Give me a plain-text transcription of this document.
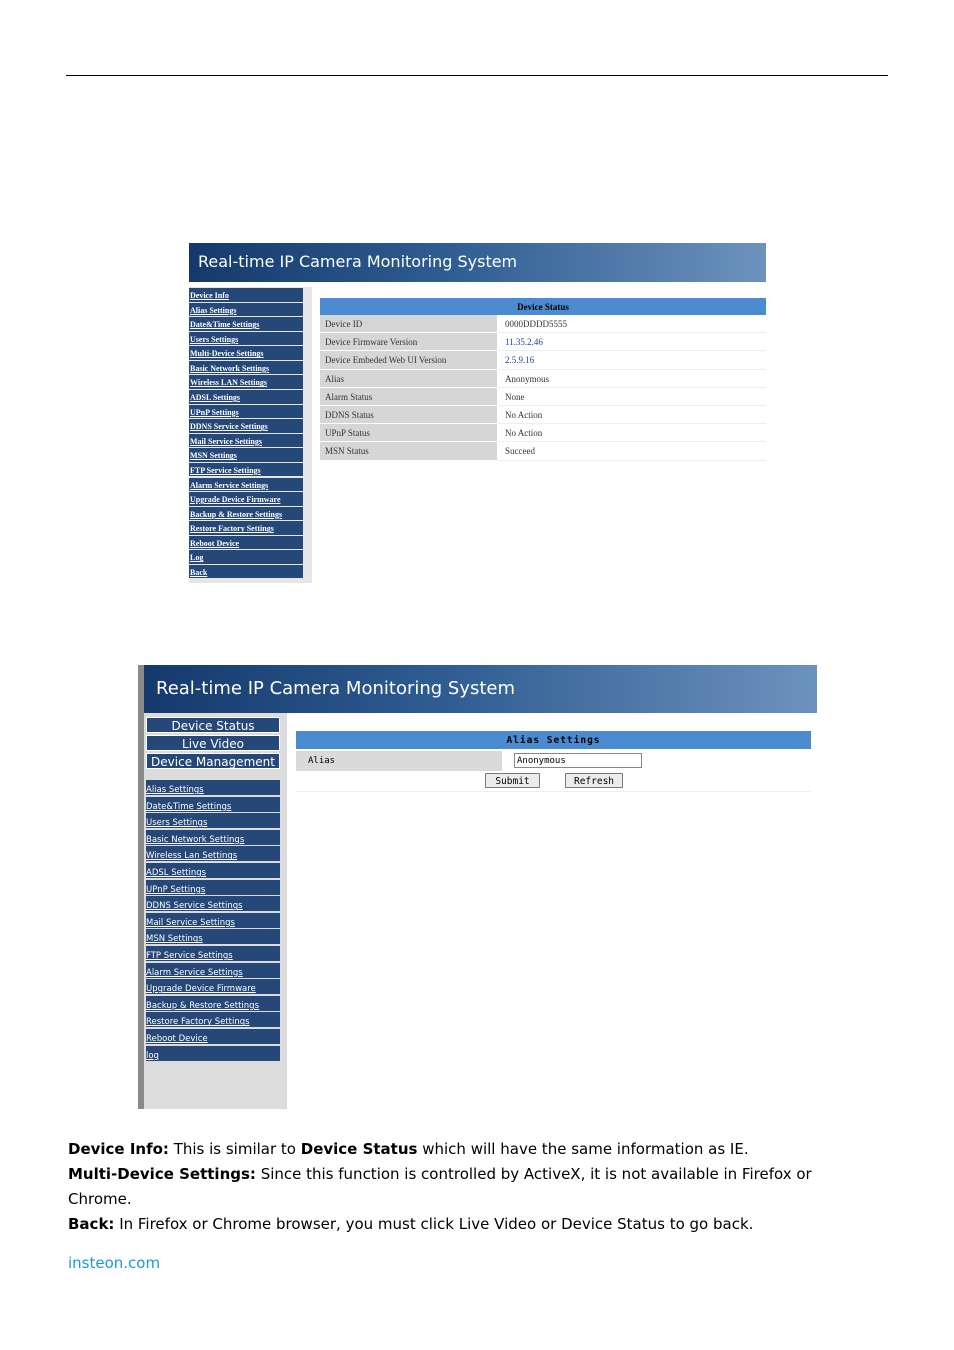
Real-time IP Camera Monitoring System
Device Info
Alias Settings
Date&Time Settings
Users Settings
Multi-Device Settings
Basic Network Settings
Wireless LAN Settings
ADSL Settings
UPnP Settings
DDNS Service Settings
Mail Service Settings
MSN Settings
FTP Service Settings
Alarm Service Settings
Upgrade Device Firmware
Backup & Restore Settings
Restore Factory Settings
Reboot Device
Log
Back
Device Status
Device ID	0000DDDD5555
Device Firmware Version	11.35.2.46
Device Embeded Web UI Version	2.5.9.16
Alias	Anonymous
Alarm Status	None
DDNS Status	No Action
UPnP Status	No Action
MSN Status	Succeed
Real-time IP Camera Monitoring System
Device Status
Live Video
Device Management
Alias Settings
Date&Time Settings
Users Settings
Basic Network Settings
Wireless Lan Settings
ADSL Settings
UPnP Settings
DDNS Service Settings
Mail Service Settings
MSN Settings
FTP Service Settings
Alarm Service Settings
Upgrade Device Firmware
Backup & Restore Settings
Restore Factory Settings
Reboot Device
log
Alias Settings
Alias	Anonymous
Submit	Refresh
Device Info: This is similar to Device Status which will have the same information as IE.
Multi-Device Settings: Since this function is controlled by ActiveX, it is not available in Firefox or Chrome.
Back: In Firefox or Chrome browser, you must click Live Video or Device Status to go back.
insteon.com
